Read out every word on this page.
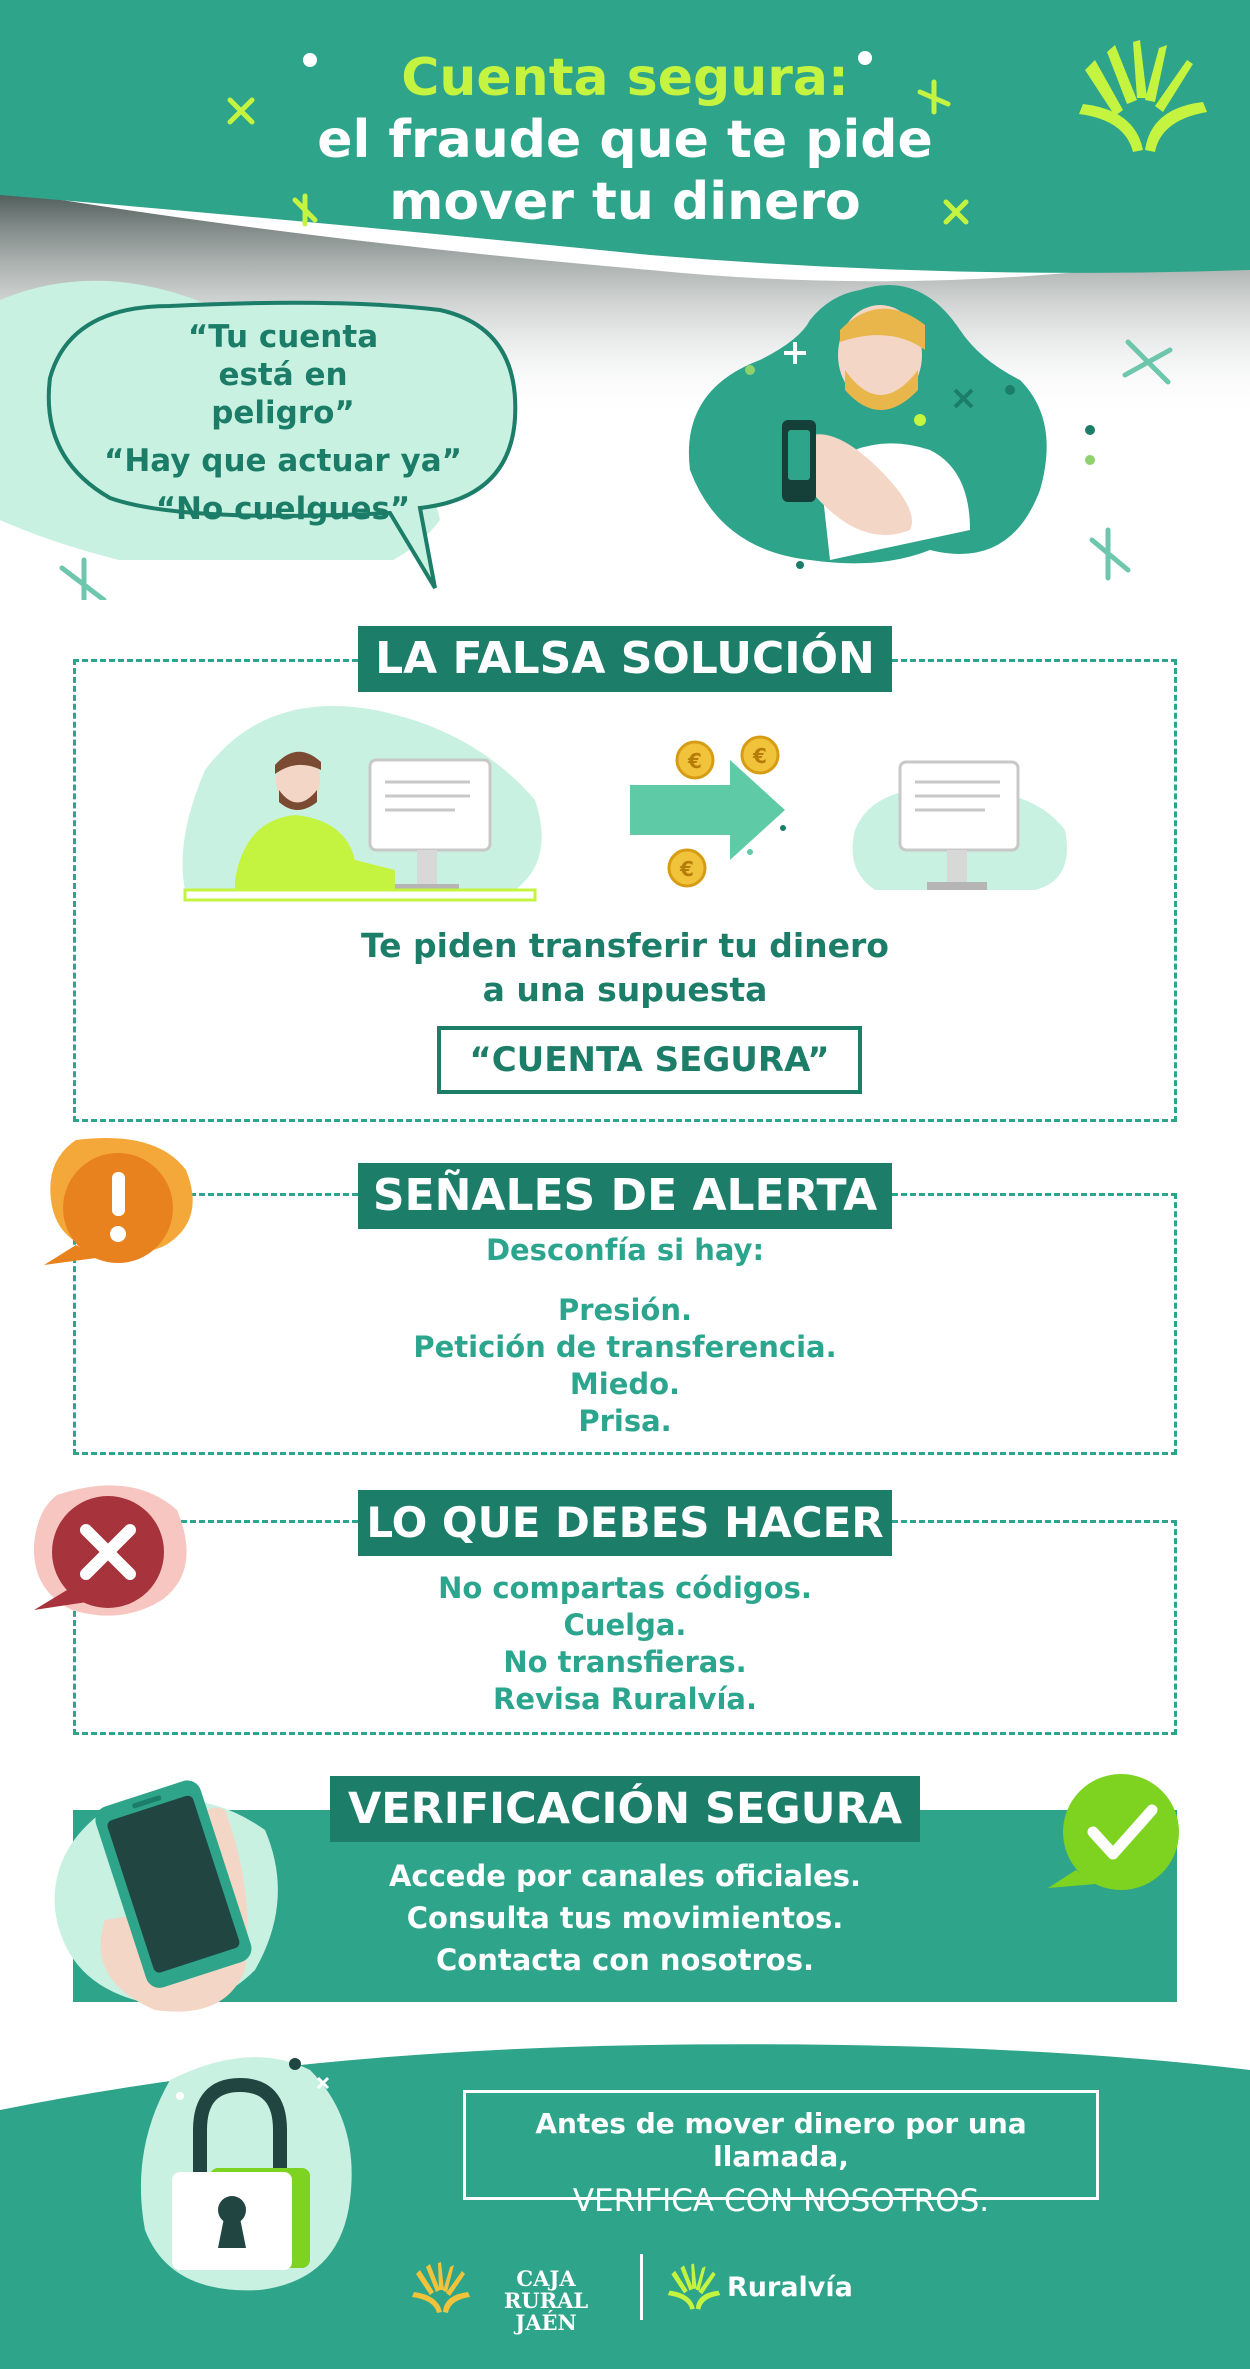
Cuenta segura:
el fraude que te pide
mover tu dinero
“Tu cuenta está en peligro”
“Hay que actuar ya”
“No cuelgues”
LA FALSA SOLUCIÓN
€	€
€
Te piden transferir tu dinero
a una supuesta
“CUENTA SEGURA”
SEÑALES DE ALERTA
Desconfía si hay:
Presión.
Petición de transferencia.
Miedo.
Prisa.
LO QUE DEBES HACER
No compartas códigos.
Cuelga.
No transfieras.
Revisa Ruralvía.
VERIFICACIÓN SEGURA
Accede por canales oficiales.
Consulta tus movimientos.
Contacta con nosotros.
Antes de mover dinero por una llamada,
VERIFICA CON NOSOTROS.
CAJA RURAL
JAÉN
Ruralvía
